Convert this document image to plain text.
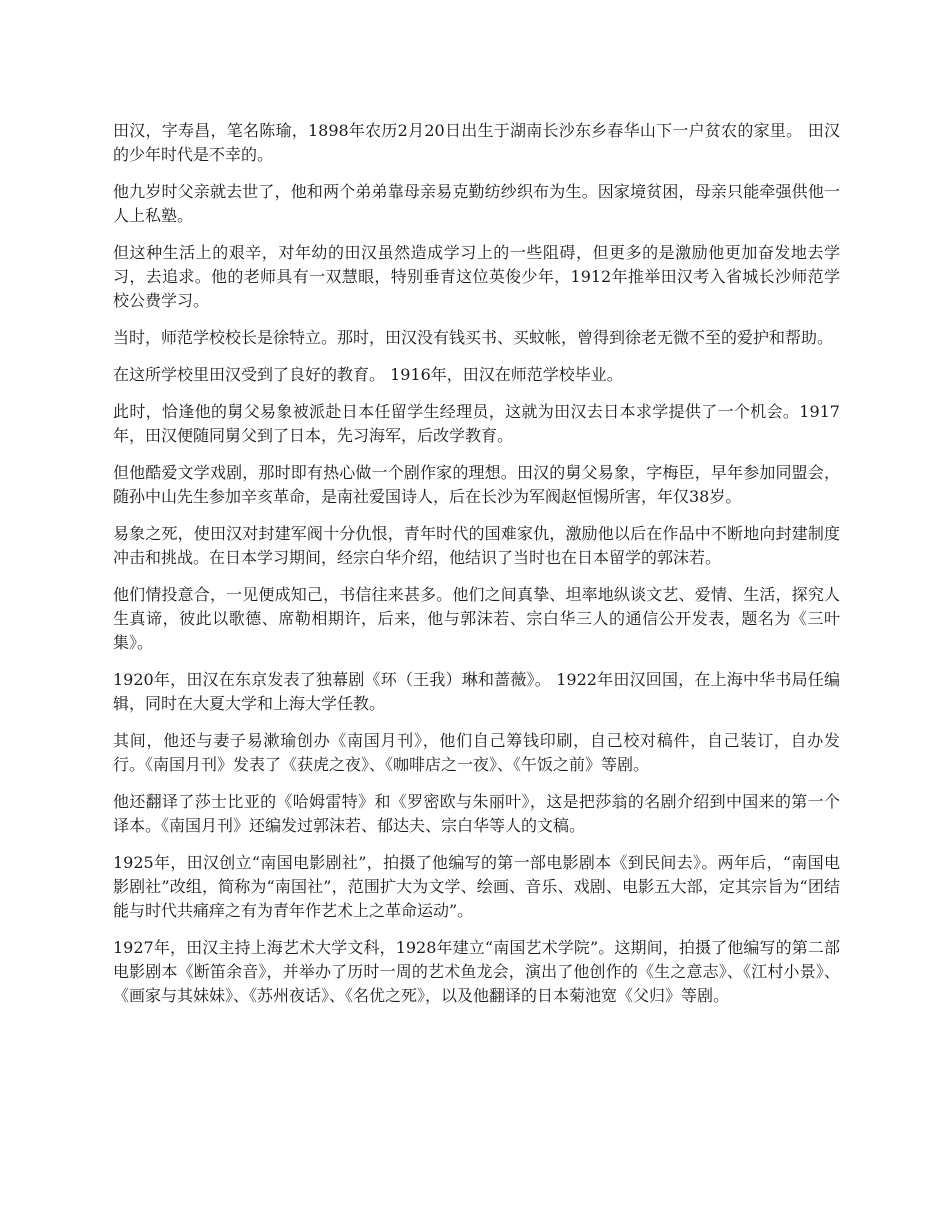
田汉，字寿昌，笔名陈瑜，1898年农历2月20日出生于湖南长沙东乡春华山下一户贫农的家里。 田汉的少年时代是不幸的。

他九岁时父亲就去世了，他和两个弟弟靠母亲易克勤纺纱织布为生。因家境贫困，母亲只能牵强供他一人上私塾。

但这种生活上的艰辛，对年幼的田汉虽然造成学习上的一些阻碍，但更多的是激励他更加奋发地去学习，去追求。他的老师具有一双慧眼，特别垂青这位英俊少年，1912年推举田汉考入省城长沙师范学校公费学习。

当时，师范学校校长是徐特立。那时，田汉没有钱买书、买蚊帐，曾得到徐老无微不至的爱护和帮助。

在这所学校里田汉受到了良好的教育。 1916年，田汉在师范学校毕业。

此时，恰逢他的舅父易象被派赴日本任留学生经理员，这就为田汉去日本求学提供了一个机会。1917年，田汉便随同舅父到了日本，先习海军，后改学教育。

但他酷爱文学戏剧，那时即有热心做一个剧作家的理想。田汉的舅父易象，字梅臣，早年参加同盟会，随孙中山先生参加辛亥革命，是南社爱国诗人，后在长沙为军阀赵恒惕所害，年仅38岁。

易象之死，使田汉对封建军阀十分仇恨，青年时代的国难家仇，激励他以后在作品中不断地向封建制度冲击和挑战。在日本学习期间，经宗白华介绍，他结识了当时也在日本留学的郭沫若。

他们情投意合，一见便成知己，书信往来甚多。他们之间真挚、坦率地纵谈文艺、爱情、生活，探究人生真谛，彼此以歌德、席勒相期许，后来，他与郭沫若、宗白华三人的通信公开发表，题名为《三叶集》。

1920年，田汉在东京发表了独幕剧《环（王我）琳和蔷薇》。 1922年田汉回国，在上海中华书局任编辑，同时在大夏大学和上海大学任教。

其间，他还与妻子易漱瑜创办《南国月刊》，他们自己筹钱印刷，自己校对稿件，自己装订，自办发行。《南国月刊》发表了《获虎之夜》、《咖啡店之一夜》、《午饭之前》等剧。

他还翻译了莎士比亚的《哈姆雷特》和《罗密欧与朱丽叶》，这是把莎翁的名剧介绍到中国来的第一个译本。《南国月刊》还编发过郭沫若、郁达夫、宗白华等人的文稿。

1925年，田汉创立“南国电影剧社”，拍摄了他编写的第一部电影剧本《到民间去》。两年后，“南国电影剧社”改组，简称为“南国社”，范围扩大为文学、绘画、音乐、戏剧、电影五大部，定其宗旨为“团结能与时代共痛痒之有为青年作艺术上之革命运动”。

1927年，田汉主持上海艺术大学文科，1928年建立“南国艺术学院”。这期间，拍摄了他编写的第二部电影剧本《断笛余音》，并举办了历时一周的艺术鱼龙会，演出了他创作的《生之意志》、《江村小景》、《画家与其妹妹》、《苏州夜话》、《名优之死》，以及他翻译的日本菊池宽《父归》等剧。
